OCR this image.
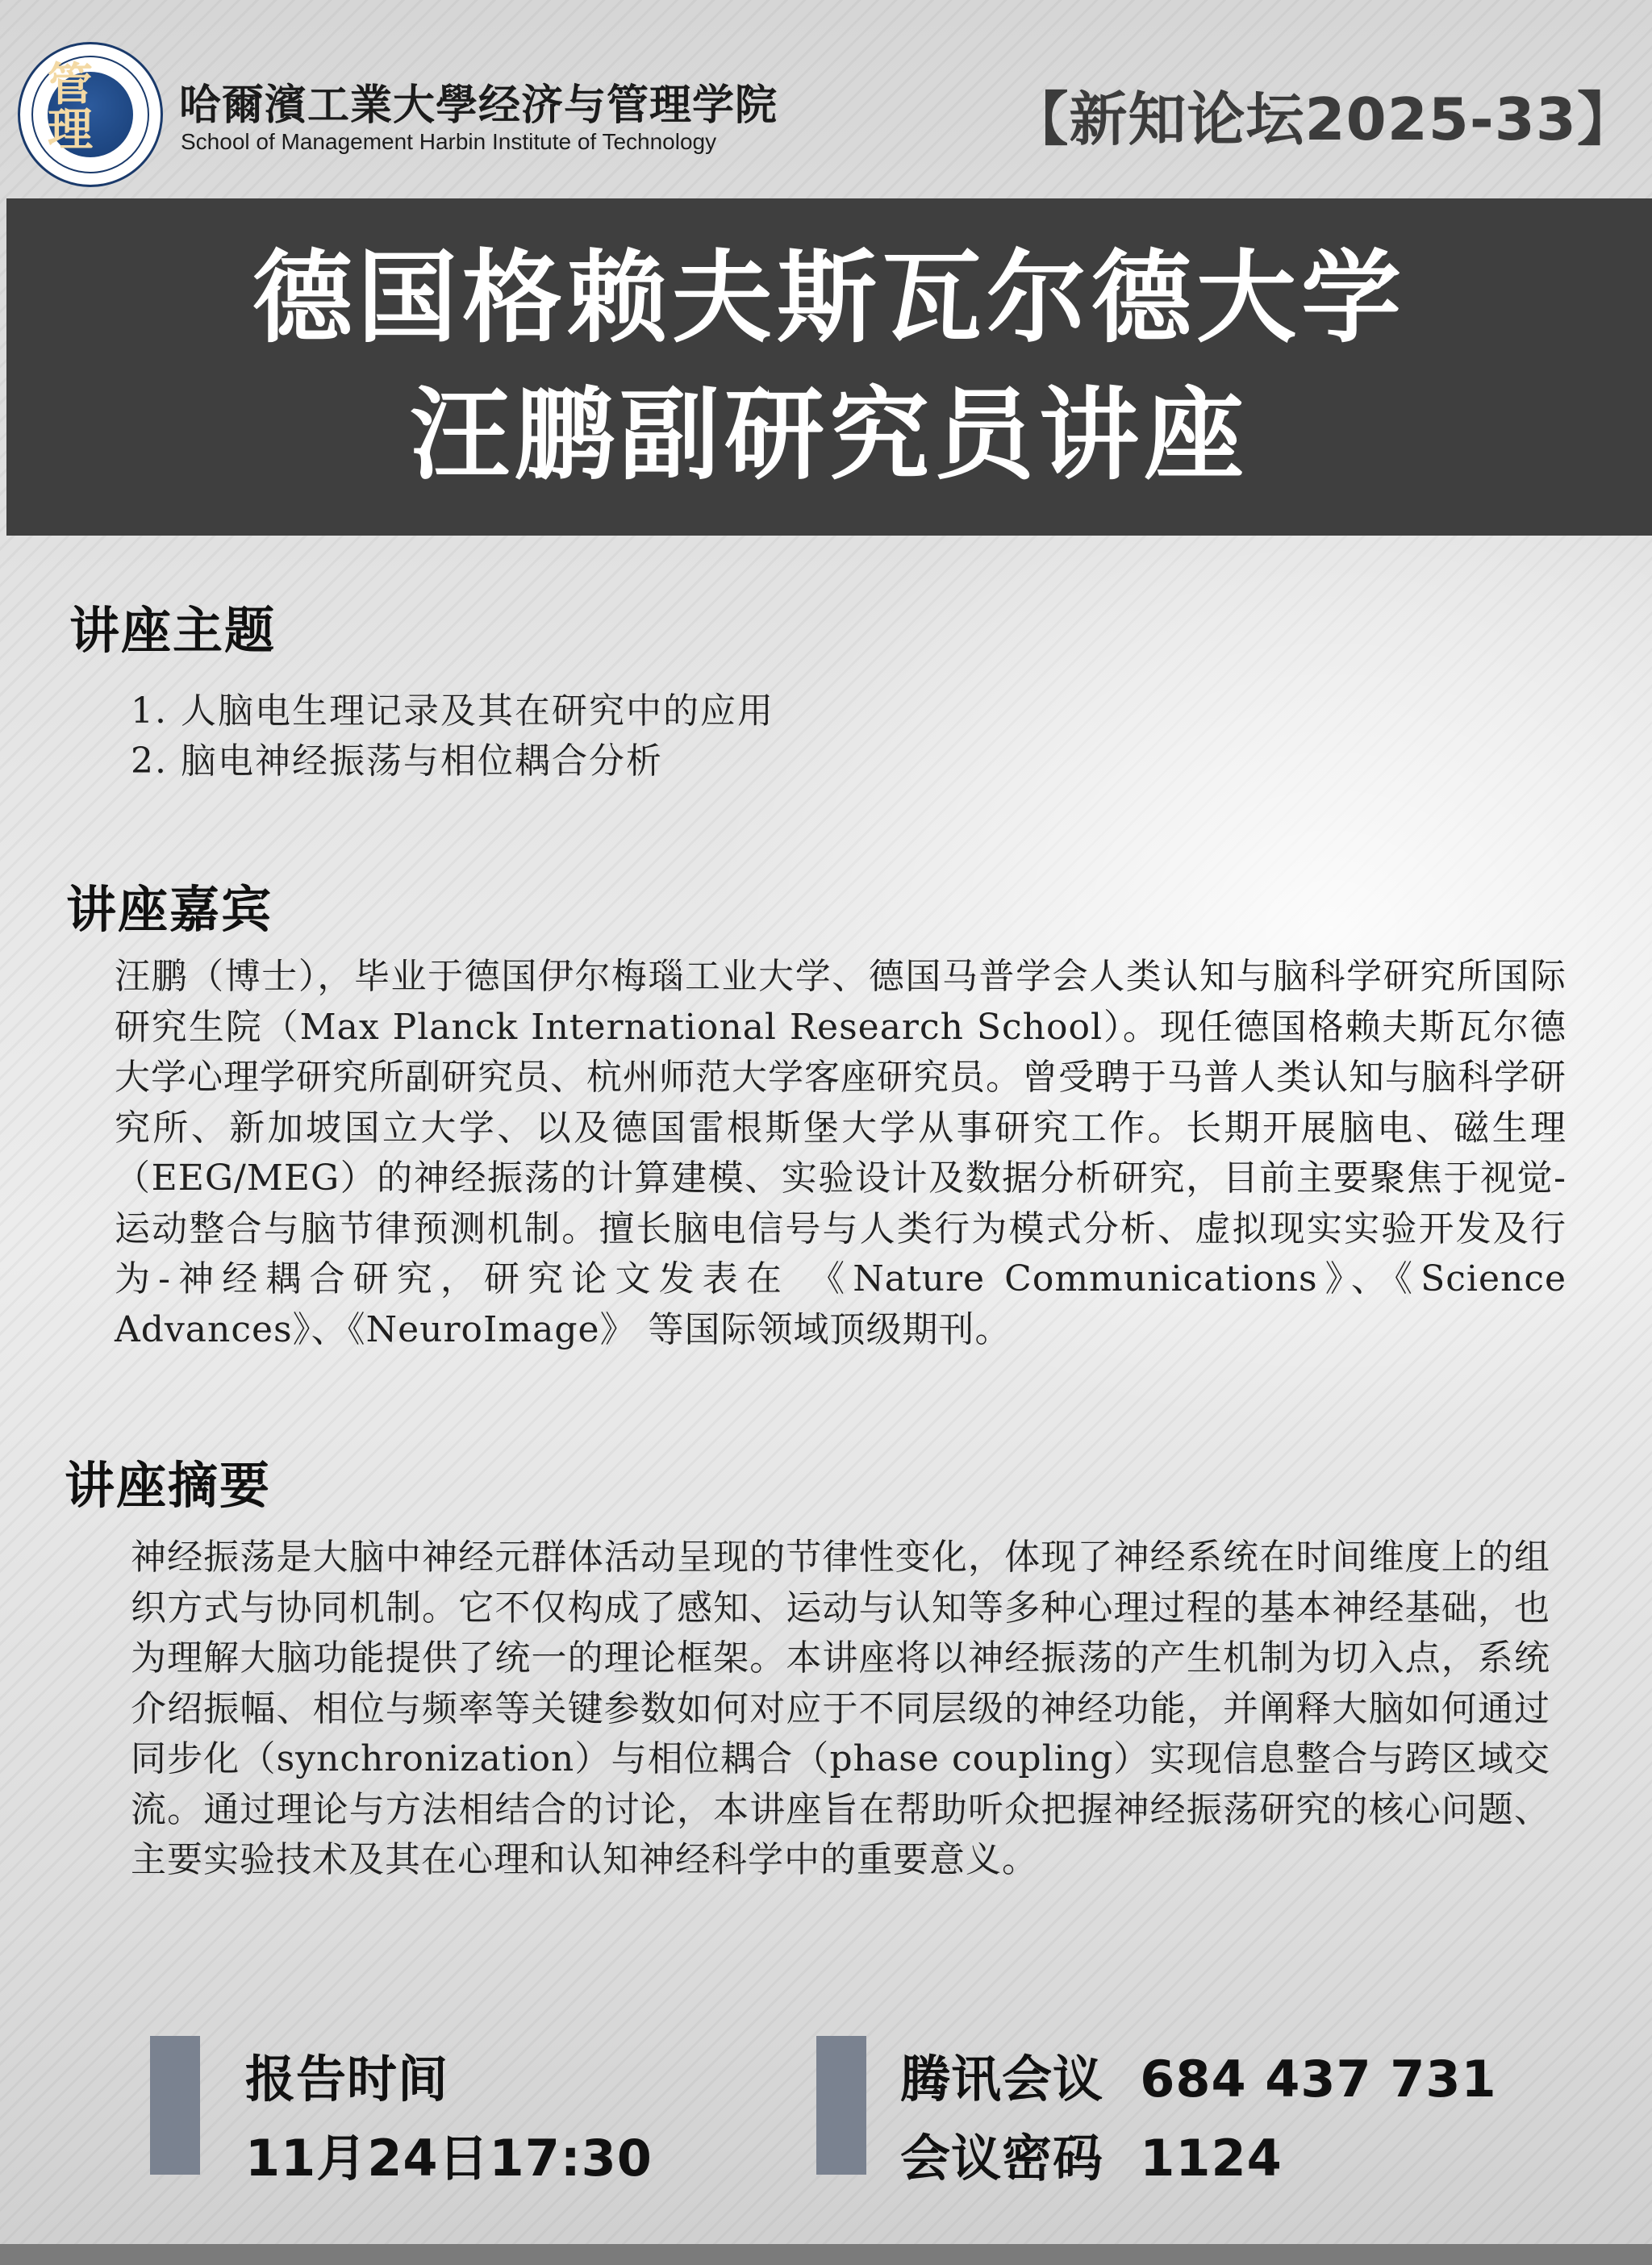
管理
1954
哈爾濱工業大學经济与管理学院
School of Management Harbin Institute of Technology	【新知论坛2025-33】
德国格赖夫斯瓦尔德大学
汪鹏副研究员讲座
讲座主题
1. 人脑电生理记录及其在研究中的应用
2. 脑电神经振荡与相位耦合分析
讲座嘉宾

汪鹏（博士），毕业于德国伊尔梅瑙工业大学、德国马普学会人类认知与脑科学研究所国际研究生院（Max Planck International Research School）。现任德国格赖夫斯瓦尔德大学心理学研究所副研究员、杭州师范大学客座研究员。曾受聘于马普人类认知与脑科学研究所、新加坡国立大学、以及德国雷根斯堡大学从事研究工作。长期开展脑电、磁生理（EEG/MEG）的神经振荡的计算建模、实验设计及数据分析研究，目前主要聚焦于视觉-运动整合与脑节律预测机制。擅长脑电信号与人类行为模式分析、虚拟现实实验开发及行为-神经耦合研究，研究论文发表在 《Nature Communications》、《Science Advances》、《NeuroImage》 等国际领域顶级期刊。

讲座摘要

神经振荡是大脑中神经元群体活动呈现的节律性变化，体现了神经系统在时间维度上的组织方式与协同机制。它不仅构成了感知、运动与认知等多种心理过程的基本神经基础，也为理解大脑功能提供了统一的理论框架。本讲座将以神经振荡的产生机制为切入点，系统介绍振幅、相位与频率等关键参数如何对应于不同层级的神经功能，并阐释大脑如何通过同步化（synchronization）与相位耦合（phase coupling）实现信息整合与跨区域交流。通过理论与方法相结合的讨论，本讲座旨在帮助听众把握神经振荡研究的核心问题、主要实验技术及其在心理和认知神经科学中的重要意义。

报告时间
11月24日17:30
腾讯会议 684 437 731
会议密码 1124
